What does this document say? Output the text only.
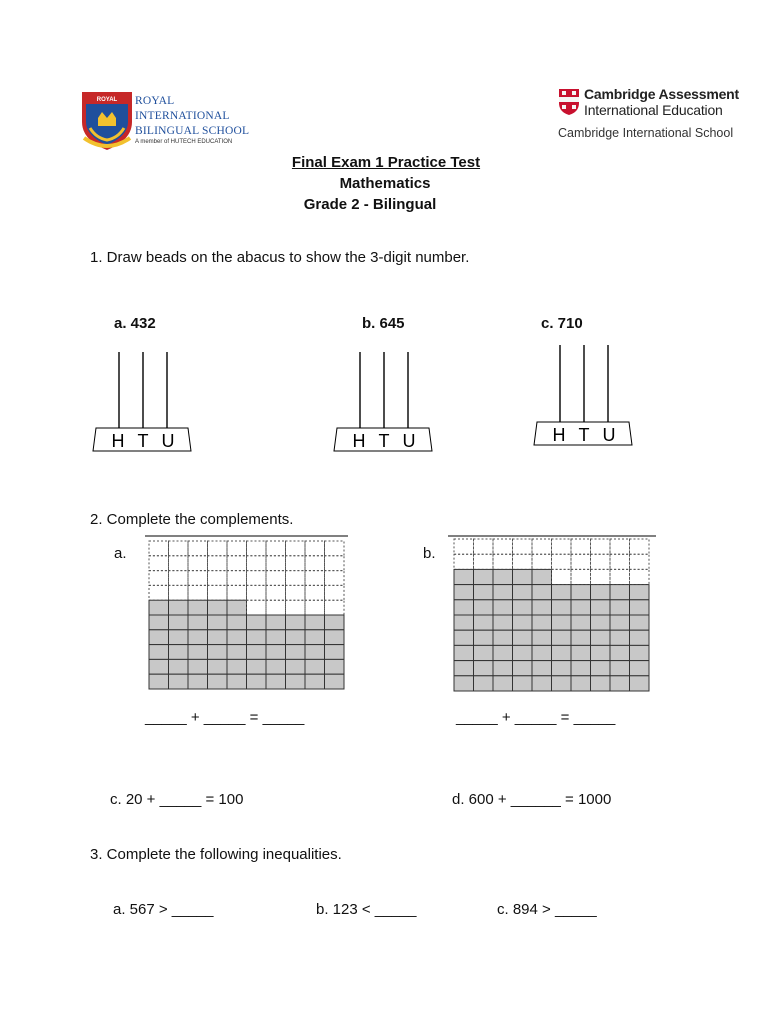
ROYAL ROYAL
INTERNATIONAL
BILINGUAL SCHOOL
A member of HUTECH EDUCATION
Cambridge Assessment
International Education
Cambridge International School
Final Exam 1 Practice Test
Mathematics
Grade 2 - Bilingual
1. Draw beads on the abacus to show the 3-digit number.
a. 432	b. 645	c. 710
H T U	H T U	H T U
2. Complete the complements.
a.	b.
_____ + _____ = _____	_____ + _____ = _____
c. 20 + _____ = 100	d. 600 + ______ = 1000
3. Complete the following inequalities.
a. 567 > _____	b. 123 < _____	c. 894 > _____
